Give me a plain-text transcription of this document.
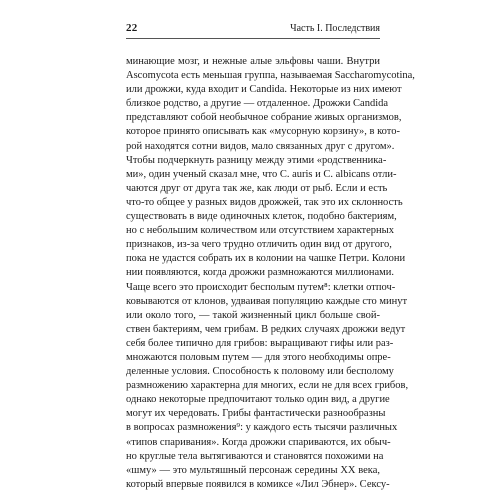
22	Часть I. Последствия
минающие мозг, и нежные алые эльфовы чаши. Внутри
Ascomycota есть меньшая группа, называемая Saccharomycotina,
или дрожжи, куда входит и Candida. Некоторые из них имеют
близкое родство, а другие — отдаленное. Дрожжи Candida
представляют собой необычное собрание живых организмов,
которое принято описывать как «мусорную корзину», в кото-
рой находятся сотни видов, мало связанных друг с другом».
Чтобы подчеркнуть разницу между этими «родственника-
ми», один ученый сказал мне, что C. auris и C. albicans отли-
чаются друг от друга так же, как люди от рыб. Если и есть
что-то общее у разных видов дрожжей, так это их склонность
существовать в виде одиночных клеток, подобно бактериям,
но с небольшим количеством или отсутствием характерных
признаков, из-за чего трудно отличить один вид от другого,
пока не удастся собрать их в колонии на чашке Петри. Колони
нии появляются, когда дрожжи размножаются миллионами.
Чаще всего это происходит бесполым путем⁸: клетки отпоч-
ковываются от клонов, удваивая популяцию каждые сто минут
или около того, — такой жизненный цикл больше свой-
ствен бактериям, чем грибам. В редких случаях дрожжи ведут
себя более типично для грибов: выращивают гифы или раз-
множаются половым путем — для этого необходимы опре-
деленные условия. Способность к половому или бесполому
размножению характерна для многих, если не для всех грибов,
однако некоторые предпочитают только один вид, а другие
могут их чередовать. Грибы фантастически разнообразны
в вопросах размножения⁹: у каждого есть тысячи различных
«типов спаривания». Когда дрожжи спариваются, их обыч-
но круглые тела вытягиваются и становятся похожими на
«шму» — это мультяшный персонаж середины XX века,
который впервые появился в комиксе «Лил Эбнер». Сексу-
